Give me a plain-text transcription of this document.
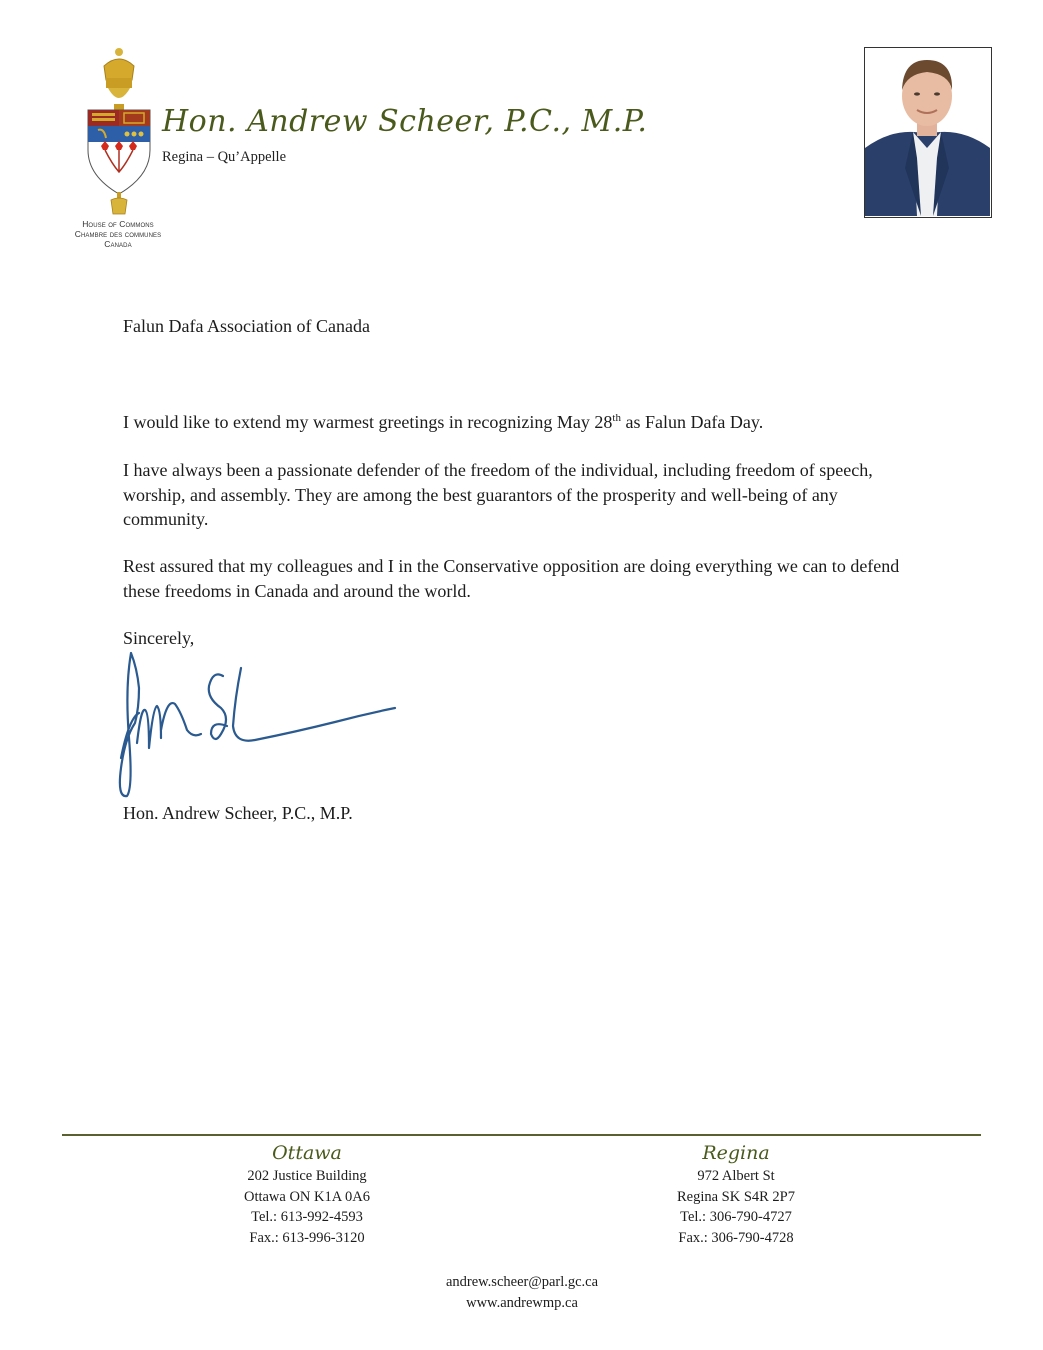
House of Commons
Chambre des communes
Canada
Hon. Andrew Scheer, P.C., M.P.
Regina – Qu’Appelle
Falun Dafa Association of Canada
I would like to extend my warmest greetings in recognizing May 28th as Falun Dafa Day.
I have always been a passionate defender of the freedom of the individual, including freedom of speech, worship, and assembly. They are among the best guarantors of the prosperity and well-being of any community.
Rest assured that my colleagues and I in the Conservative opposition are doing everything we can to defend these freedoms in Canada and around the world.
Sincerely,
Hon. Andrew Scheer, P.C., M.P.
Ottawa
202 Justice Building
Ottawa ON K1A 0A6
Tel.: 613-992-4593
Fax.: 613-996-3120
Regina
972 Albert St
Regina SK S4R 2P7
Tel.: 306-790-4727
Fax.: 306-790-4728
andrew.scheer@parl.gc.ca
www.andrewmp.ca
